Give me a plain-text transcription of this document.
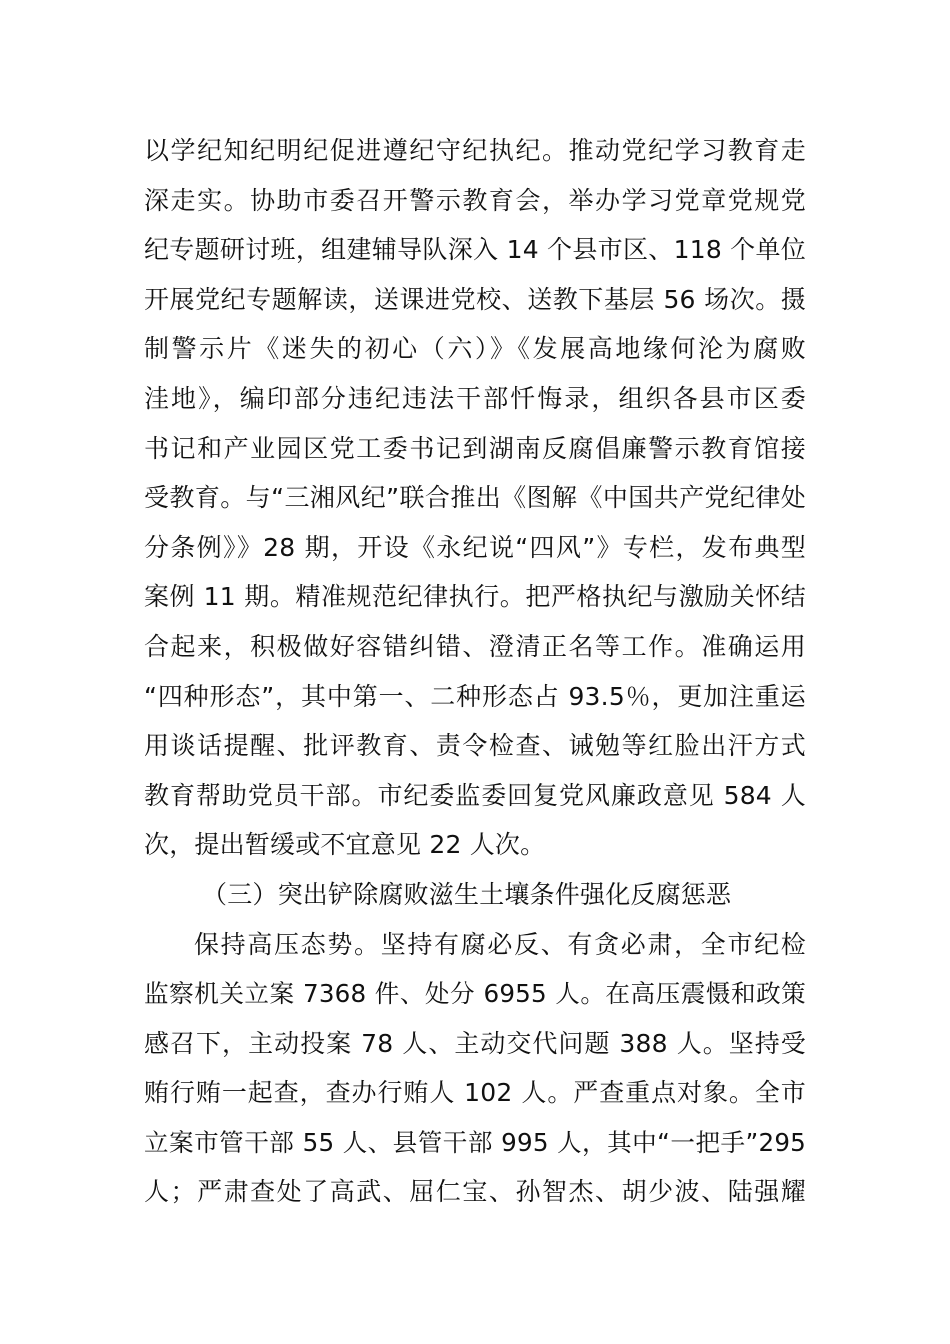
以学纪知纪明纪促进遵纪守纪执纪。推动党纪学习教育走
深走实。协助市委召开警示教育会，举办学习党章党规党
纪专题研讨班，组建辅导队深入 14 个县市区、118 个单位
开展党纪专题解读，送课进党校、送教下基层 56 场次。摄
制警示片《迷失的初心（六）》《发展高地缘何沦为腐败
洼地》，编印部分违纪违法干部忏悔录，组织各县市区委
书记和产业园区党工委书记到湖南反腐倡廉警示教育馆接
受教育。与“三湘风纪”联合推出《图解《中国共产党纪律处
分条例》》28 期，开设《永纪说“四风”》专栏，发布典型
案例 11 期。精准规范纪律执行。把严格执纪与激励关怀结
合起来，积极做好容错纠错、澄清正名等工作。准确运用
“四种形态”，其中第一、二种形态占 93.5％，更加注重运
用谈话提醒、批评教育、责令检查、诫勉等红脸出汗方式
教育帮助党员干部。市纪委监委回复党风廉政意见 584 人
次，提出暂缓或不宜意见 22 人次。
（三）突出铲除腐败滋生土壤条件强化反腐惩恶
保持高压态势。坚持有腐必反、有贪必肃，全市纪检
监察机关立案 7368 件、处分 6955 人。在高压震慑和政策
感召下，主动投案 78 人、主动交代问题 388 人。坚持受
贿行贿一起查，查办行贿人 102 人。严查重点对象。全市
立案市管干部 55 人、县管干部 995 人，其中“一把手”295
人；严肃查处了高武、屈仁宝、孙智杰、胡少波、陆强耀
